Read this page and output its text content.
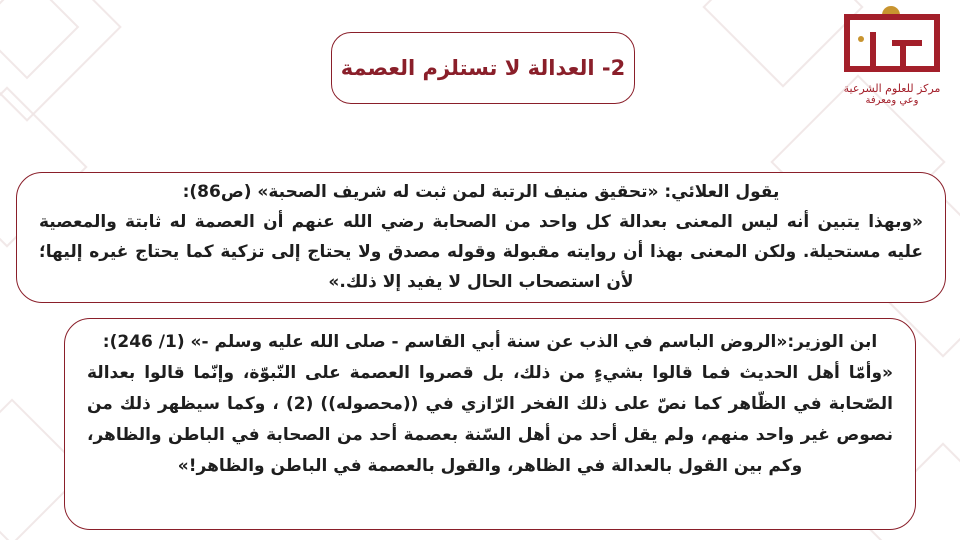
مركز للعلوم الشرعية
وعي ومعرفة
2- العدالة لا تستلزم العصمة
يقول العلائي: «تحقيق منيف الرتبة لمن ثبت له شريف الصحبة» (ص86):
«وبهذا يتبين أنه ليس المعنى بعدالة كل واحد من الصحابة رضي الله عنهم أن العصمة له ثابتة والمعصية عليه مستحيلة. ولكن المعنى بهذا أن روايته مقبولة وقوله مصدق ولا يحتاج إلى تزكية كما يحتاج غيره إليها؛ لأن استصحاب الحال لا يفيد إلا ذلك.»
ابن الوزير:«الروض الباسم في الذب عن سنة أبي القاسم - صلى الله عليه وسلم -» (1/ 246):
«وأمّا أهل الحديث فما قالوا بشيءٍ من ذلك، بل قصروا العصمة على النّبوّة، وإنّما قالوا بعدالة الصّحابة في الظّاهر كما نصّ على ذلك الفخر الرّازي في ((محصوله)) (2) ، وكما سيظهر ذلك من نصوص غير واحد منهم، ولم يقل أحد من أهل السّنة بعصمة أحد من الصحابة في الباطن والظاهر، وكم بين القول بالعدالة في الظاهر، والقول بالعصمة في الباطن والظاهر!»
